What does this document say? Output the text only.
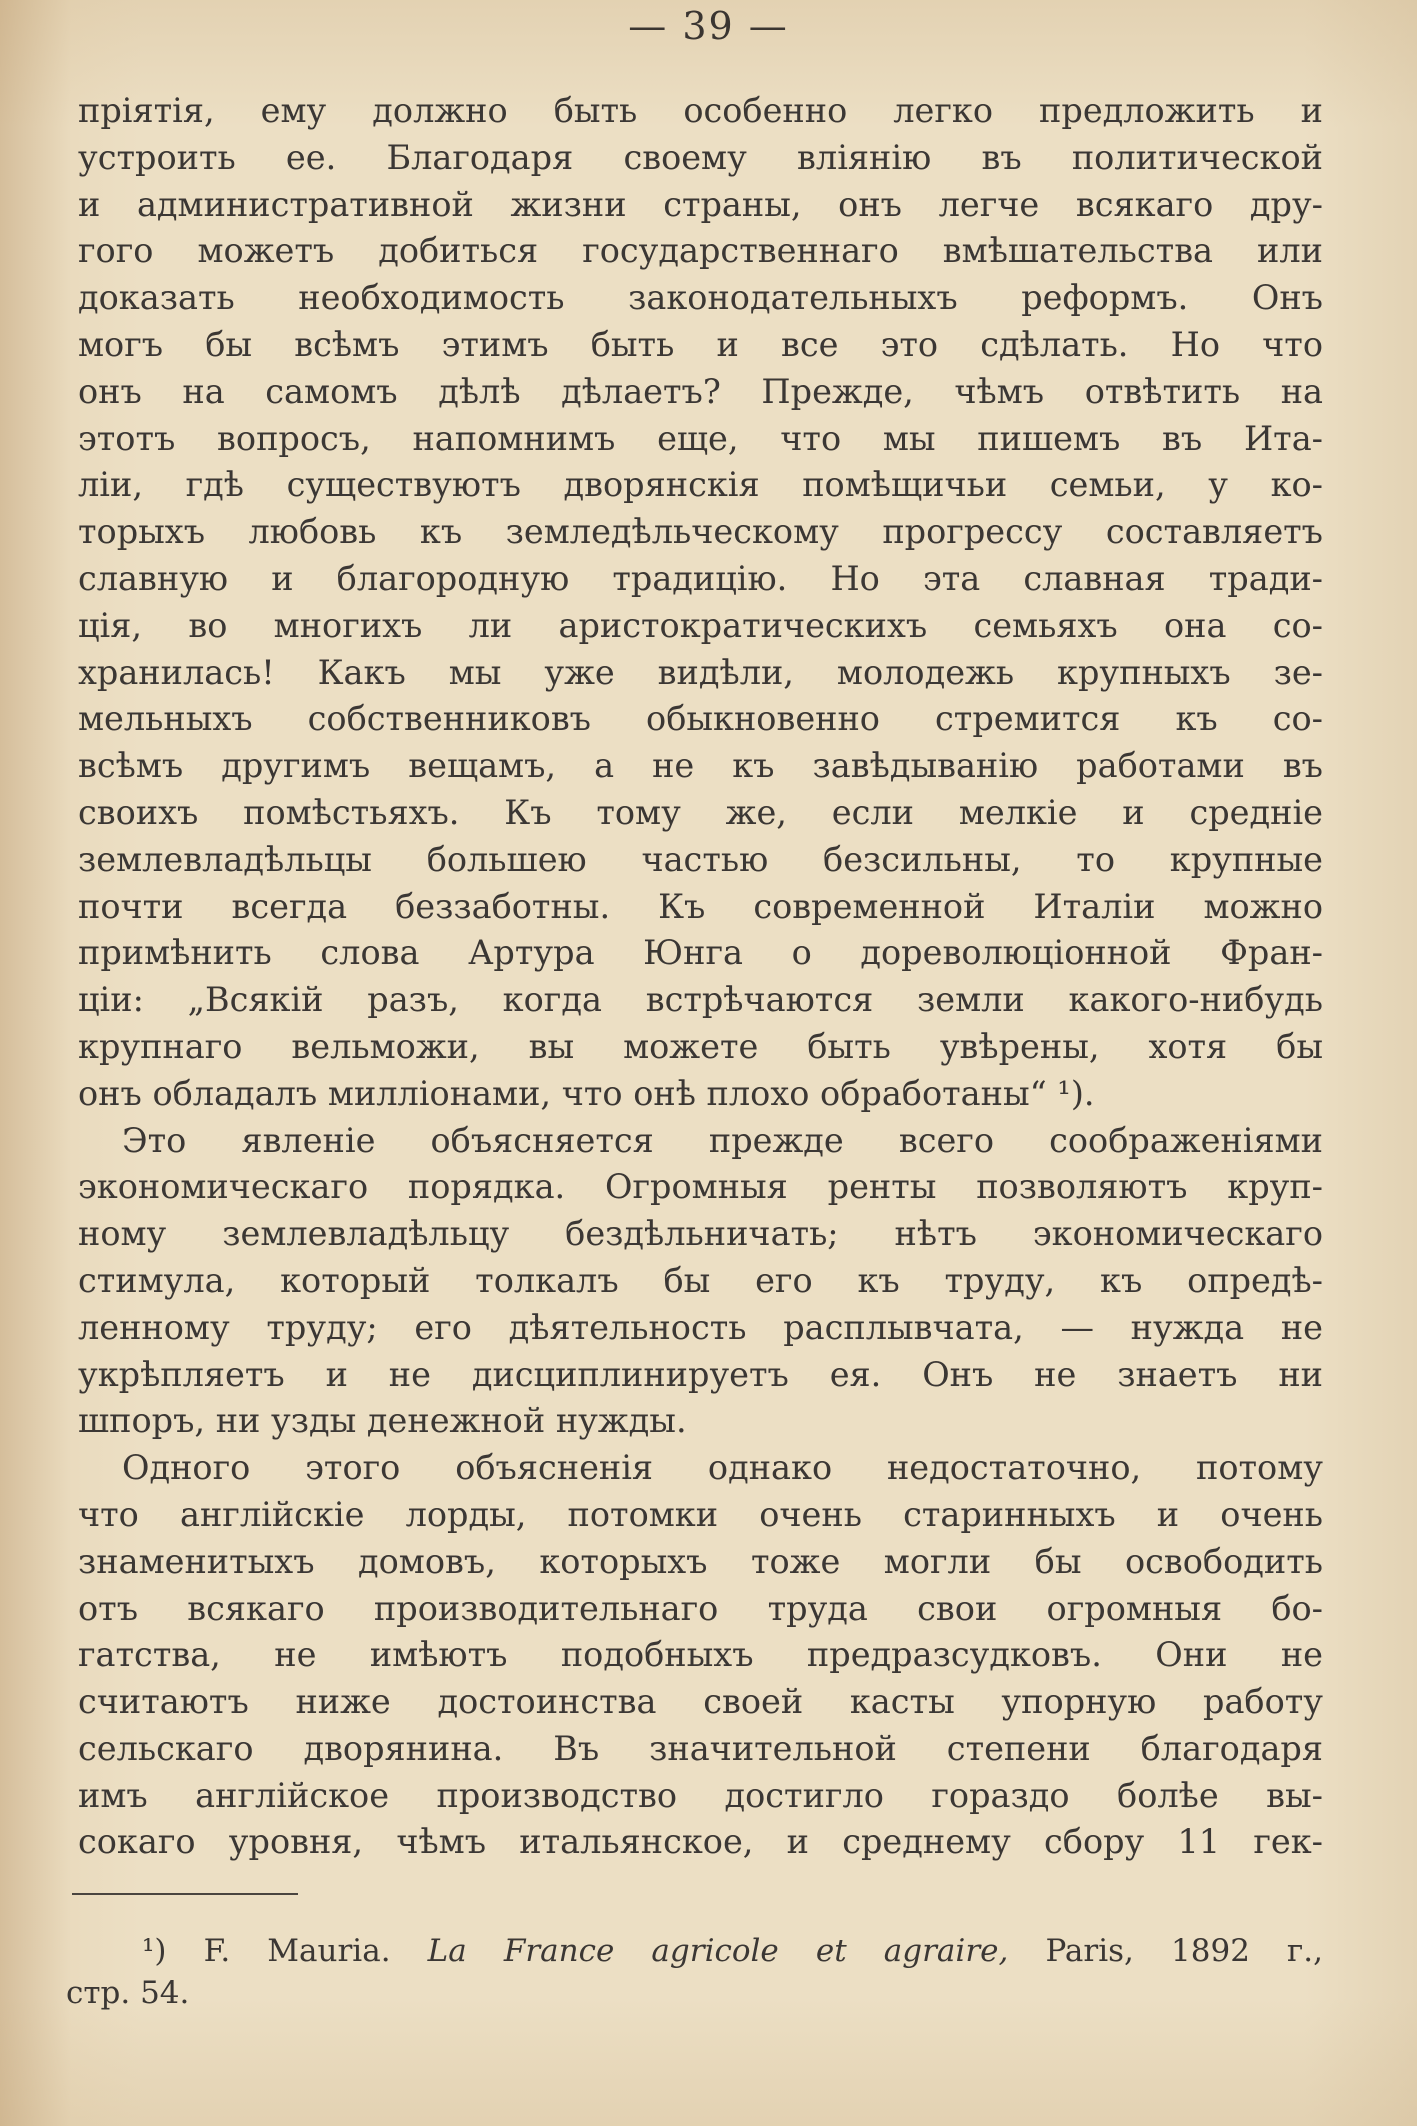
— 39 —
пріятія, ему должно быть особенно легко предложить и
устроить ее. Благодаря своему вліянію въ политической
и административной жизни страны, онъ легче всякаго дру-
гого можетъ добиться государственнаго вмѣшательства или
доказать необходимость законодательныхъ реформъ. Онъ
могъ бы всѣмъ этимъ быть и все это сдѣлать. Но что
онъ на самомъ дѣлѣ дѣлаетъ? Прежде, чѣмъ отвѣтить на
этотъ вопросъ, напомнимъ еще, что мы пишемъ въ Ита-
ліи, гдѣ существуютъ дворянскія помѣщичьи семьи, у ко-
торыхъ любовь къ земледѣльческому прогрессу составляетъ
славную и благородную традицію. Но эта славная тради-
ція, во многихъ ли аристократическихъ семьяхъ она со-
хранилась! Какъ мы уже видѣли, молодежь крупныхъ зе-
мельныхъ собственниковъ обыкновенно стремится къ со-
всѣмъ другимъ вещамъ, а не къ завѣдыванію работами въ
своихъ помѣстьяхъ. Къ тому же, если мелкіе и средніе
землевладѣльцы большею частью безсильны, то крупные
почти всегда беззаботны. Къ современной Италіи можно
примѣнить слова Артура Юнга о дореволюціонной Фран-
ціи: „Всякій разъ, когда встрѣчаются земли какого-нибудь
крупнаго вельможи, вы можете быть увѣрены, хотя бы
онъ обладалъ милліонами, что онѣ плохо обработаны“ ¹).
Это явленіе объясняется прежде всего соображеніями
экономическаго порядка. Огромныя ренты позволяютъ круп-
ному землевладѣльцу бездѣльничать; нѣтъ экономическаго
стимула, который толкалъ бы его къ труду, къ опредѣ-
ленному труду; его дѣятельность расплывчата, — нужда не
укрѣпляетъ и не дисциплинируетъ ея. Онъ не знаетъ ни
шпоръ, ни узды денежной нужды.
Одного этого объясненія однако недостаточно, потому
что англійскіе лорды, потомки очень старинныхъ и очень
знаменитыхъ домовъ, которыхъ тоже могли бы освободить
отъ всякаго производительнаго труда свои огромныя бо-
гатства, не имѣютъ подобныхъ предразсудковъ. Они не
считаютъ ниже достоинства своей касты упорную работу
сельскаго дворянина. Въ значительной степени благодаря
имъ англійское производство достигло гораздо болѣе вы-
сокаго уровня, чѣмъ итальянское, и среднему сбору 11 гек-
¹) F. Mauria. La France agricole et agraire, Paris, 1892 г.,
стр. 54.
